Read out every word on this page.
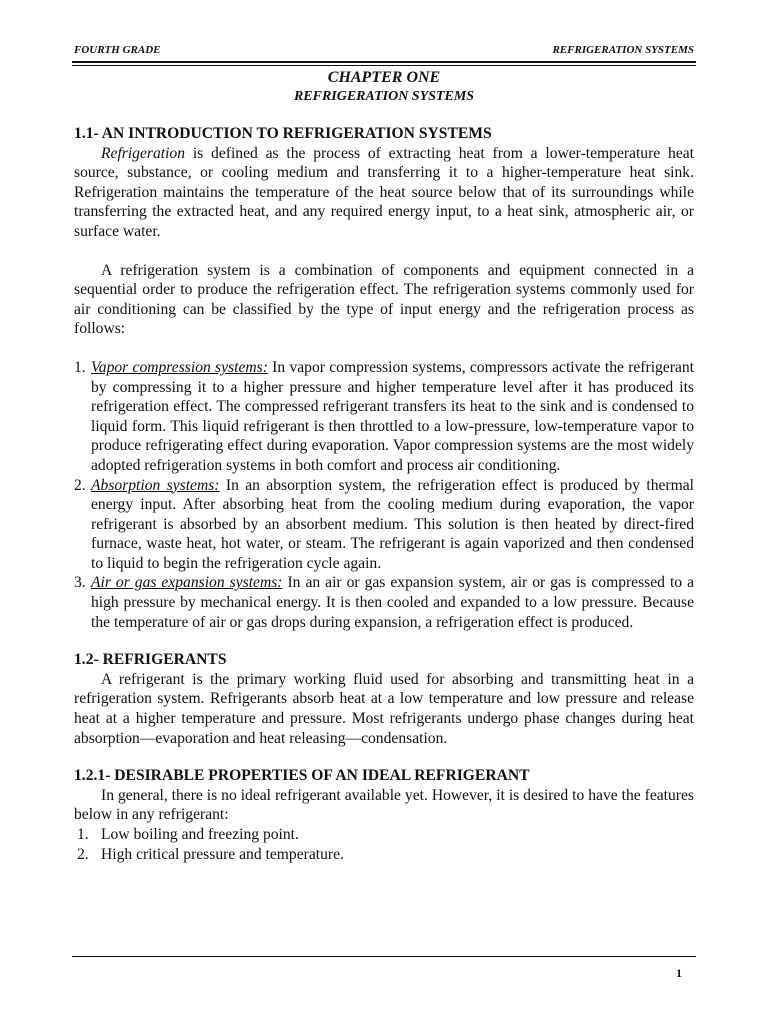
FOURTH GRADE	REFRIGERATION SYSTEMS
CHAPTER ONE
REFRIGERATION SYSTEMS
1.1- AN INTRODUCTION TO REFRIGERATION SYSTEMS

Refrigeration is defined as the process of extracting heat from a lower-temperature heat source, substance, or cooling medium and transferring it to a higher-temperature heat sink. Refrigeration maintains the temperature of the heat source below that of its surroundings while transferring the extracted heat, and any required energy input, to a heat sink, atmospheric air, or surface water.

A refrigeration system is a combination of components and equipment connected in a sequential order to produce the refrigeration effect. The refrigeration systems commonly used for air conditioning can be classified by the type of input energy and the refrigeration process as follows:

1. Vapor compression systems: In vapor compression systems, compressors activate the refrigerant by compressing it to a higher pressure and higher temperature level after it has produced its refrigeration effect. The compressed refrigerant transfers its heat to the sink and is condensed to liquid form. This liquid refrigerant is then throttled to a low-pressure, low-temperature vapor to produce refrigerating effect during evaporation. Vapor compression systems are the most widely adopted refrigeration systems in both comfort and process air conditioning.
2. Absorption systems: In an absorption system, the refrigeration effect is produced by thermal energy input. After absorbing heat from the cooling medium during evaporation, the vapor refrigerant is absorbed by an absorbent medium. This solution is then heated by direct-fired furnace, waste heat, hot water, or steam. The refrigerant is again vaporized and then condensed to liquid to begin the refrigeration cycle again.
3. Air or gas expansion systems: In an air or gas expansion system, air or gas is compressed to a high pressure by mechanical energy. It is then cooled and expanded to a low pressure. Because the temperature of air or gas drops during expansion, a refrigeration effect is produced.
1.2- REFRIGERANTS

A refrigerant is the primary working fluid used for absorbing and transmitting heat in a refrigeration system. Refrigerants absorb heat at a low temperature and low pressure and release heat at a higher temperature and pressure. Most refrigerants undergo phase changes during heat absorption—evaporation and heat releasing—condensation.

1.2.1- DESIRABLE PROPERTIES OF AN IDEAL REFRIGERANT

In general, there is no ideal refrigerant available yet. However, it is desired to have the features below in any refrigerant:

1. Low boiling and freezing point.
2. High critical pressure and temperature.
1
